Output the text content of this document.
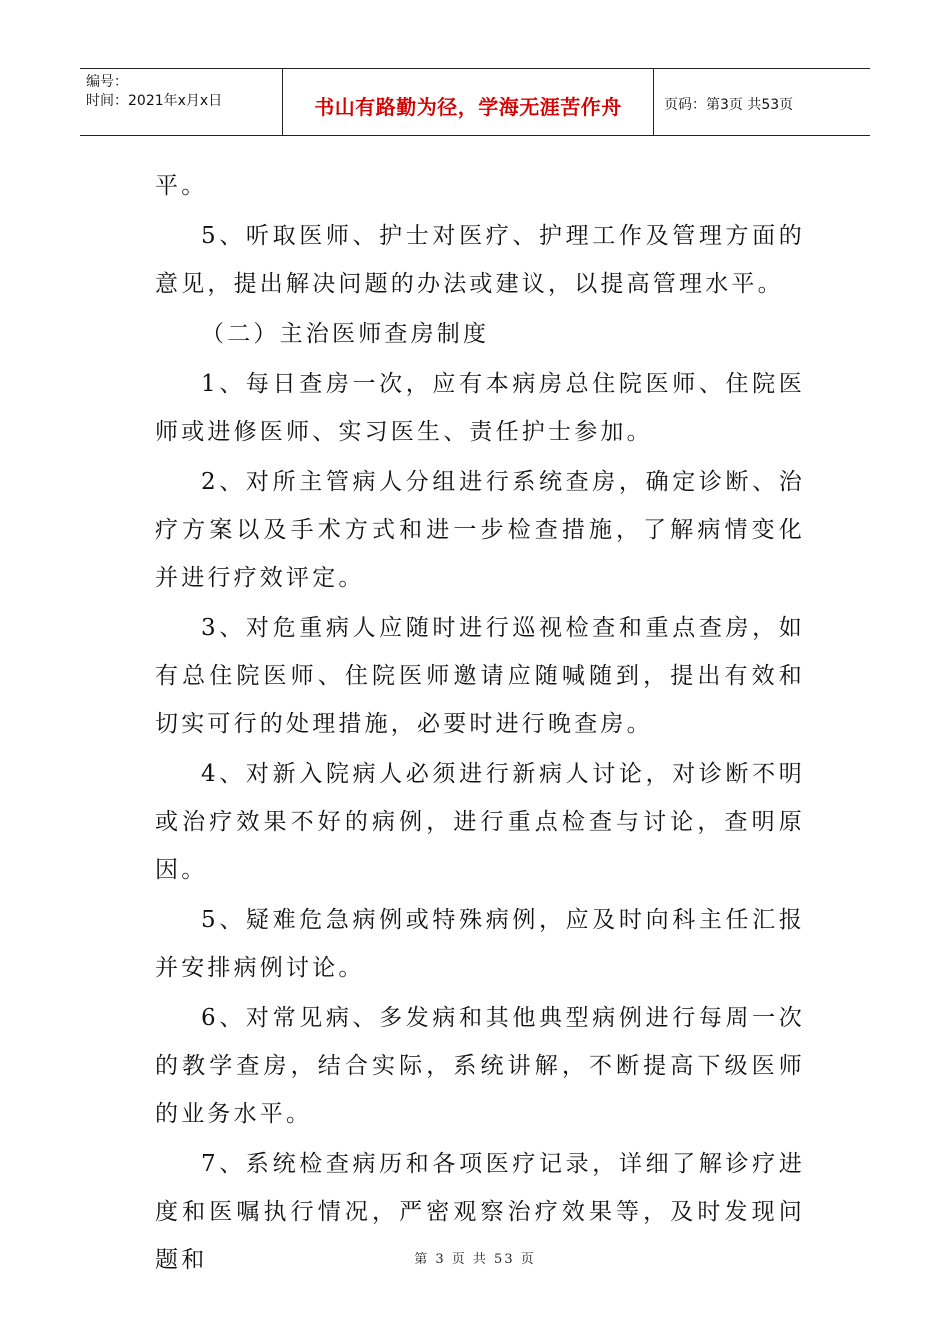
编号：
时间：2021年x月x日	书山有路勤为径，学海无涯苦作舟	页码：第3页 共53页

平。

5、听取医师、护士对医疗、护理工作及管理方面的意见，提出解决问题的办法或建议，以提高管理水平。

（二）主治医师查房制度

1、每日查房一次，应有本病房总住院医师、住院医师或进修医师、实习医生、责任护士参加。

2、对所主管病人分组进行系统查房，确定诊断、治疗方案以及手术方式和进一步检查措施，了解病情变化并进行疗效评定。

3、对危重病人应随时进行巡视检查和重点查房，如有总住院医师、住院医师邀请应随喊随到，提出有效和切实可行的处理措施，必要时进行晚查房。

4、对新入院病人必须进行新病人讨论，对诊断不明或治疗效果不好的病例，进行重点检查与讨论，查明原因。

5、疑难危急病例或特殊病例，应及时向科主任汇报并安排病例讨论。

6、对常见病、多发病和其他典型病例进行每周一次的教学查房，结合实际，系统讲解，不断提高下级医师的业务水平。

7、系统检查病历和各项医疗记录，详细了解诊疗进度和医嘱执行情况，严密观察治疗效果等，及时发现问题和	第 3 页 共 53 页
